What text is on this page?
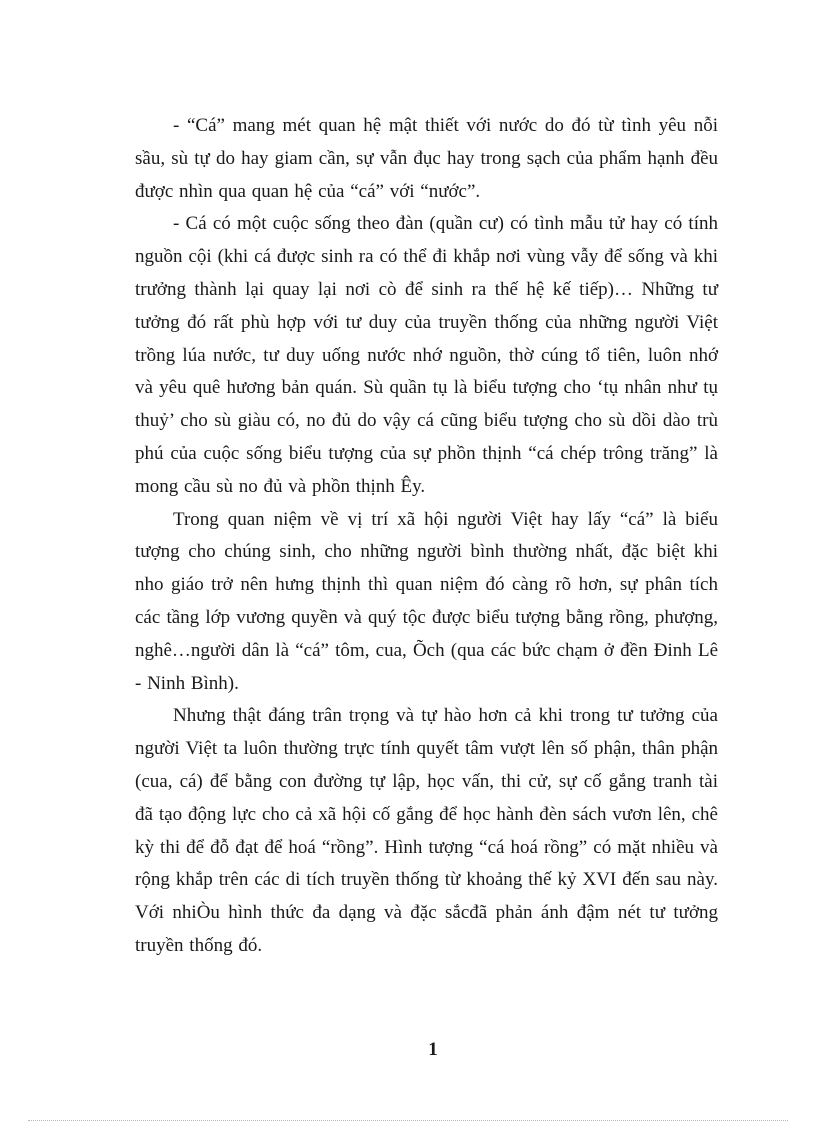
- “Cá” mang mét quan hệ mật thiết với nước do đó từ tình yêu nỗi sầu, sù tự do hay giam cần, sự vẫn đục hay trong sạch của phẩm hạnh đều được nhìn qua quan hệ của “cá” với “nước”.

- Cá có một cuộc sống theo đàn (quần cư) có tình mẫu tử hay có tính nguồn cội (khi cá được sinh ra có thể đi khắp nơi vùng vẫy để sống và khi trưởng thành lại quay lại nơi cò để sinh ra thế hệ kế tiếp)… Những tư tưởng đó rất phù hợp với tư duy của truyền thống của những người Việt trồng lúa nước, tư duy uống nước nhớ nguồn, thờ cúng tổ tiên, luôn nhớ và yêu quê hương bản quán. Sù quần tụ là biểu tượng cho ‘tụ nhân như tụ thuỷ’ cho sù giàu có, no đủ do vậy cá cũng biểu tượng cho sù dồi dào trù phú của cuộc sống biểu tượng của sự phồn thịnh “cá chép trông trăng” là mong cầu sù no đủ và phồn thịnh Êy.

Trong quan niệm về vị trí xã hội người Việt hay lấy “cá” là biểu tượng cho chúng sinh, cho những người bình thường nhất, đặc biệt khi nho giáo trở nên hưng thịnh thì quan niệm đó càng rõ hơn, sự phân tích các tầng lớp vương quyền và quý tộc được biểu tượng bằng rồng, phượng, nghê…người dân là “cá” tôm, cua, Õch (qua các bức chạm ở đền Đinh Lê - Ninh Bình).

Nhưng thật đáng trân trọng và tự hào hơn cả khi trong tư tưởng của người Việt ta luôn thường trực tính quyết tâm vượt lên số phận, thân phận (cua, cá) để bằng con đường tự lập, học vấn, thi cử, sự cố gắng tranh tài đã tạo động lực cho cả xã hội cố gắng để học hành đèn sách vươn lên, chê kỳ thi để đỗ đạt để hoá “rồng”. Hình tượng “cá hoá rồng” có mặt nhiều và rộng khắp trên các di tích truyền thống từ khoảng thế kỷ XVI đến sau này. Với nhiÒu hình thức đa dạng và đặc sắcđã phản ánh đậm nét tư tưởng truyền thống đó.

1
